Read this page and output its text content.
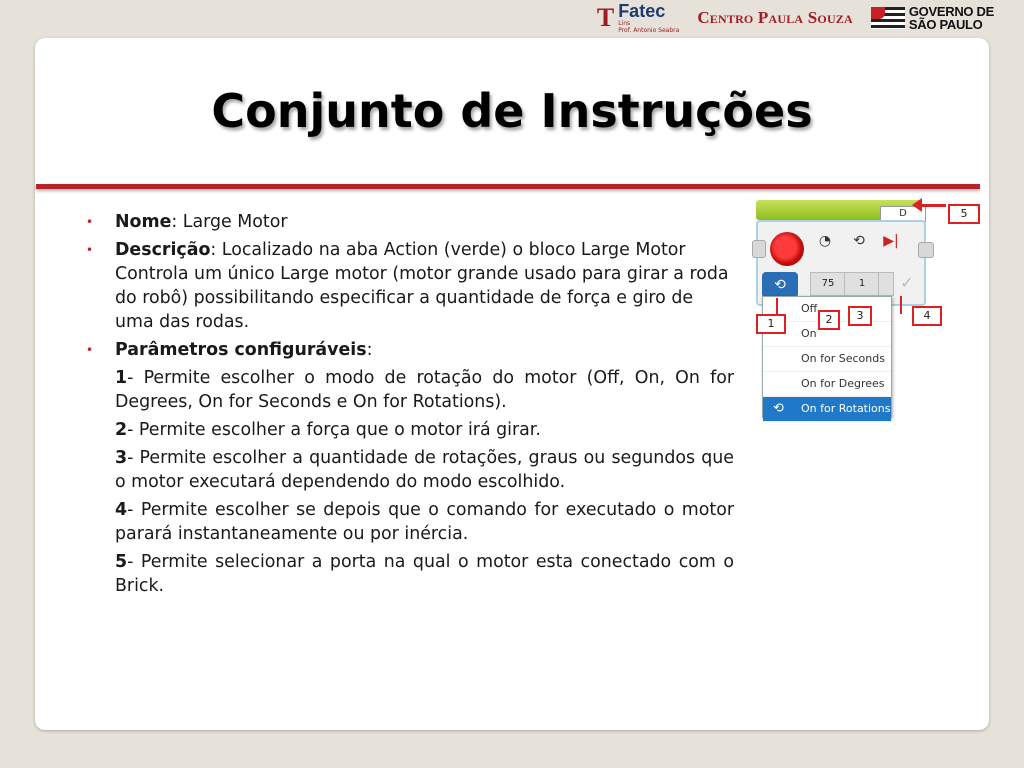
T Fatec
Lins
Prof. Antonio Seabra
Centro Paula Souza	GOVERNO DE
SÃO PAULO
Conjunto de Instruções
• Nome: Large Motor
• Descrição: Localizado na aba Action (verde) o bloco Large Motor Controla um único Large motor (motor grande usado para girar a roda do robô) possibilitando especificar a quantidade de força e giro de uma das rodas.
• Parâmetros configuráveis:
1- Permite escolher o modo de rotação do motor (Off, On, On for Degrees, On for Seconds e On for Rotations).
2- Permite escolher a força que o motor irá girar.
3- Permite escolher a quantidade de rotações, graus ou segundos que o motor executará dependendo do modo escolhido.
4- Permite escolher se depois que o comando for executado o motor parará instantaneamente ou por inércia.
5- Permite selecionar a porta na qual o motor esta conectado com o Brick.
D	5
◔	⟲	▶|
⟲	75	1	✓
Off
On
On for Seconds
On for Degrees
⟲ On for Rotations
1	2	3	4
